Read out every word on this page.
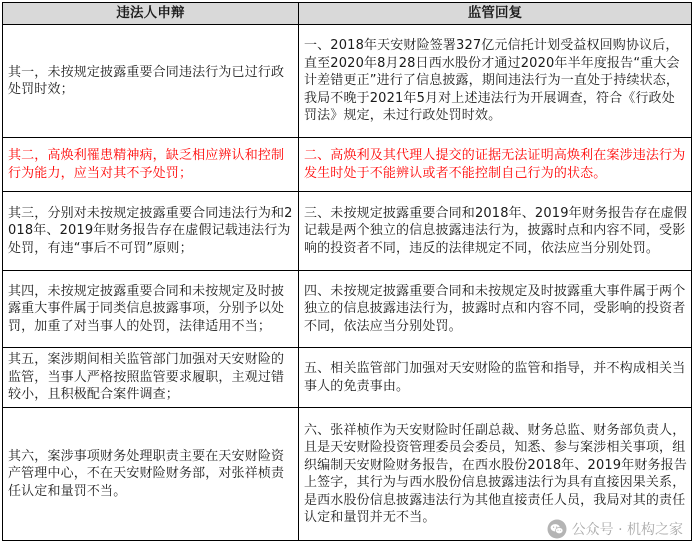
违法人申辩	监管回复
其一，未按规定披露重要合同违法行为已过行政处罚时效；	一、2018年天安财险签署327亿元信托计划受益权回购协议后，直至2020年8月28日西水股份才通过2020年半年度报告“重大会计差错更正”进行了信息披露，期间违法行为一直处于持续状态，我局不晚于2021年5月对上述违法行为开展调查，符合《行政处罚法》规定，未过行政处罚时效。
其二，高焕利罹患精神病，缺乏相应辨认和控制行为能力，应当对其不予处罚；	二、高焕利及其代理人提交的证据无法证明高焕利在案涉违法行为发生时处于不能辨认或者不能控制自己行为的状态。
其三，分别对未按规定披露重要合同违法行为和2018年、2019年财务报告存在虚假记载违法行为处罚，有违“事后不可罚”原则；	三、未按规定披露重要合同和2018年、2019年财务报告存在虚假记载是两个独立的信息披露违法行为，披露时点和内容不同，受影响的投资者不同，违反的法律规定不同，依法应当分别处罚。
其四，未按规定披露重要合同和未按规定及时披露重大事件属于同类信息披露事项，分别予以处罚，加重了对当事人的处罚，法律适用不当；	四、未按规定披露重要合同和未按规定及时披露重大事件属于两个独立的信息披露违法行为，披露时点和内容不同，受影响的投资者不同，依法应当分别处罚。
其五，案涉期间相关监管部门加强对天安财险的监管，当事人严格按照监管要求履职，主观过错较小，且积极配合案件调查；	五、相关监管部门加强对天安财险的监管和指导，并不构成相关当事人的免责事由。
其六，案涉事项财务处理职责主要在天安财险资产管理中心，不在天安财险财务部，对张祥桢责任认定和量罚不当。	六、张祥桢作为天安财险时任副总裁、财务总监、财务部负责人，且是天安财险投资管理委员会委员，知悉、参与案涉相关事项，组织编制天安财险财务报告，在西水股份2018年、2019年财务报告上签字，其行为与西水股份信息披露违法行为具有直接因果关系，是西水股份信息披露违法行为其他直接责任人员，我局对其的责任认定和量罚并无不当。
公众号 · 机构之家
